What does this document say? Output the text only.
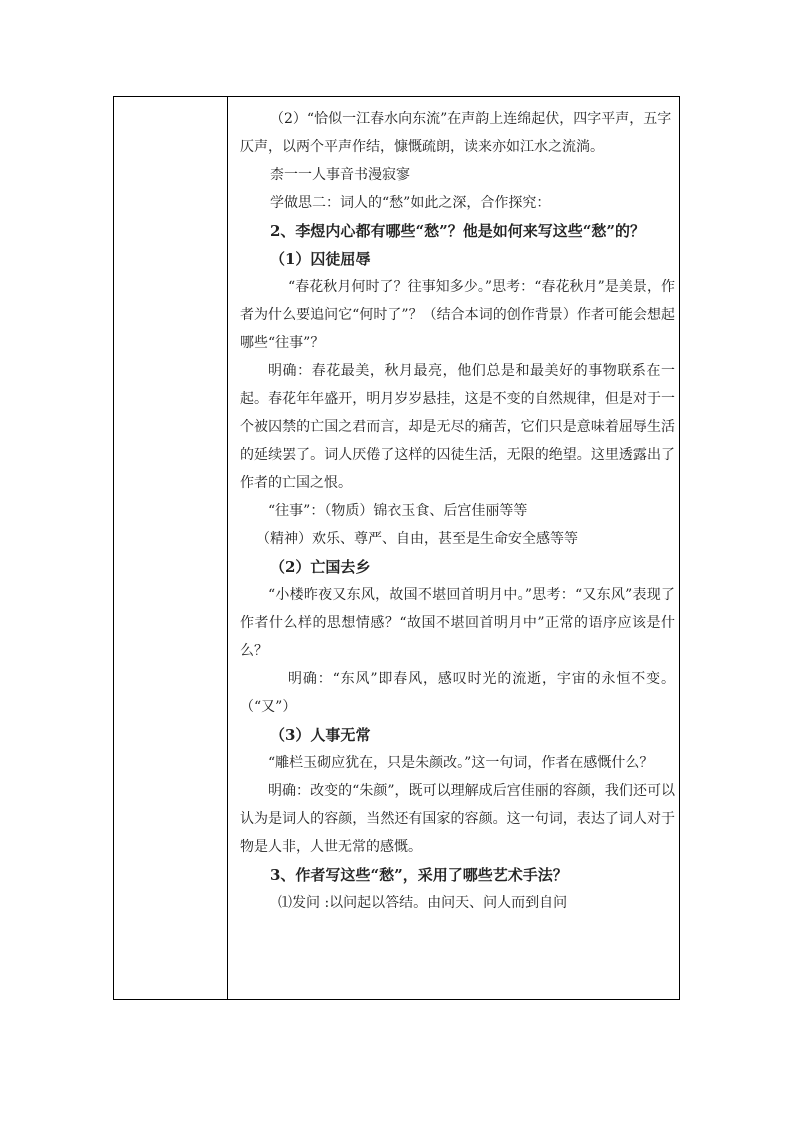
（2）“恰似一江春水向东流”在声韵上连绵起伏，四字平声，五字

仄声，以两个平声作结，慷慨疏朗，读来亦如江水之流淌。

柰一一人事音书漫寂寥

学做思二：词人的“愁”如此之深，合作探究：

2、李煜内心都有哪些“愁”？他是如何来写这些“愁”的？

（1）囚徒屈辱

“春花秋月何时了？往事知多少。”思考：“春花秋月”是美景，作者为什么要追问它“何时了”？（结合本词的创作背景）作者可能会想起哪些“往事”？

明确：春花最美，秋月最亮，他们总是和最美好的事物联系在一起。春花年年盛开，明月岁岁悬挂，这是不变的自然规律，但是对于一个被囚禁的亡国之君而言，却是无尽的痛苦，它们只是意味着屈辱生活的延续罢了。词人厌倦了这样的囚徒生活，无限的绝望。这里透露出了作者的亡国之恨。

“往事”：（物质）锦衣玉食、后宫佳丽等等

（精神）欢乐、尊严、自由，甚至是生命安全感等等

（2）亡国去乡

“小楼昨夜又东风，故国不堪回首明月中。”思考：“又东风”表现了作者什么样的思想情感？“故国不堪回首明月中”正常的语序应该是什么？

明确：“东风”即春风，感叹时光的流逝，宇宙的永恒不变。（“又”）

（3）人事无常

“雕栏玉砌应犹在，只是朱颜改。”这一句词，作者在感慨什么？

明确：改变的“朱颜”，既可以理解成后宫佳丽的容颜，我们还可以认为是词人的容颜，当然还有国家的容颜。这一句词，表达了词人对于物是人非，人世无常的感慨。

3、作者写这些“愁”，采用了哪些艺术手法？

⑴发问 :以问起以答结。由问天、问人而到自问
